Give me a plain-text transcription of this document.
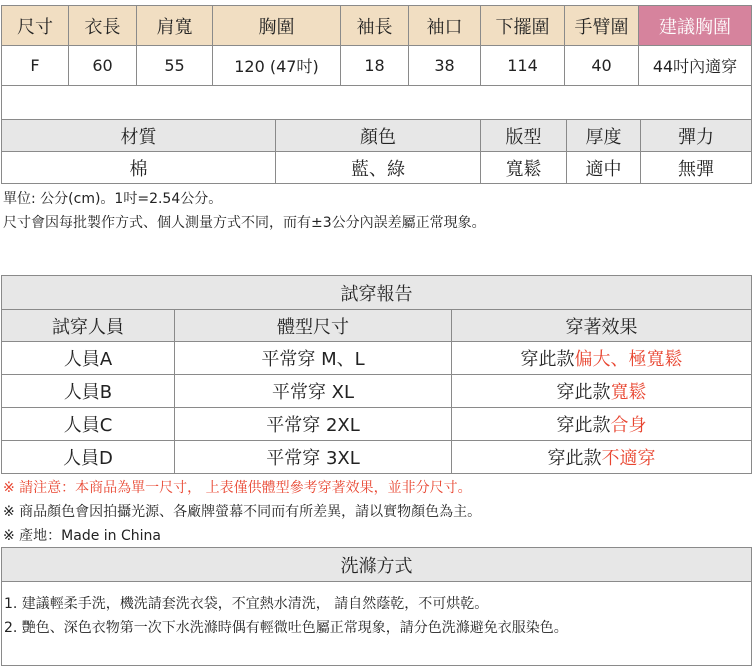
尺寸	衣長	肩寬	胸圍	袖長	袖口	下擺圍	手臂圍	建議胸圍
F	60	55	120 (47吋)	18	38	114	40	44吋內適穿

材質	顏色	版型	厚度	彈力
棉	藍、綠	寬鬆	適中	無彈
單位: 公分(cm)。1吋=2.54公分。
尺寸會因每批製作方式、個人測量方式不同，而有±3公分內誤差屬正常現象。
試穿報告		
試穿人員	體型尺寸	穿著效果
人員A	平常穿 M、L	穿此款偏大、極寬鬆
人員B	平常穿 XL	穿此款寬鬆
人員C	平常穿 2XL	穿此款合身
人員D	平常穿 3XL	穿此款不適穿
※ 請注意：本商品為單一尺寸， 上表僅供體型參考穿著效果，並非分尺寸。
※ 商品顏色會因拍攝光源、各廠牌螢幕不同而有所差異，請以實物顏色為主。
※ 產地：Made in China
洗滌方式

1. 建議輕柔手洗，機洗請套洗衣袋，不宜熱水清洗， 請自然蔭乾，不可烘乾。
2. 艷色、深色衣物第一次下水洗滌時偶有輕微吐色屬正常現象，請分色洗滌避免衣服染色。
